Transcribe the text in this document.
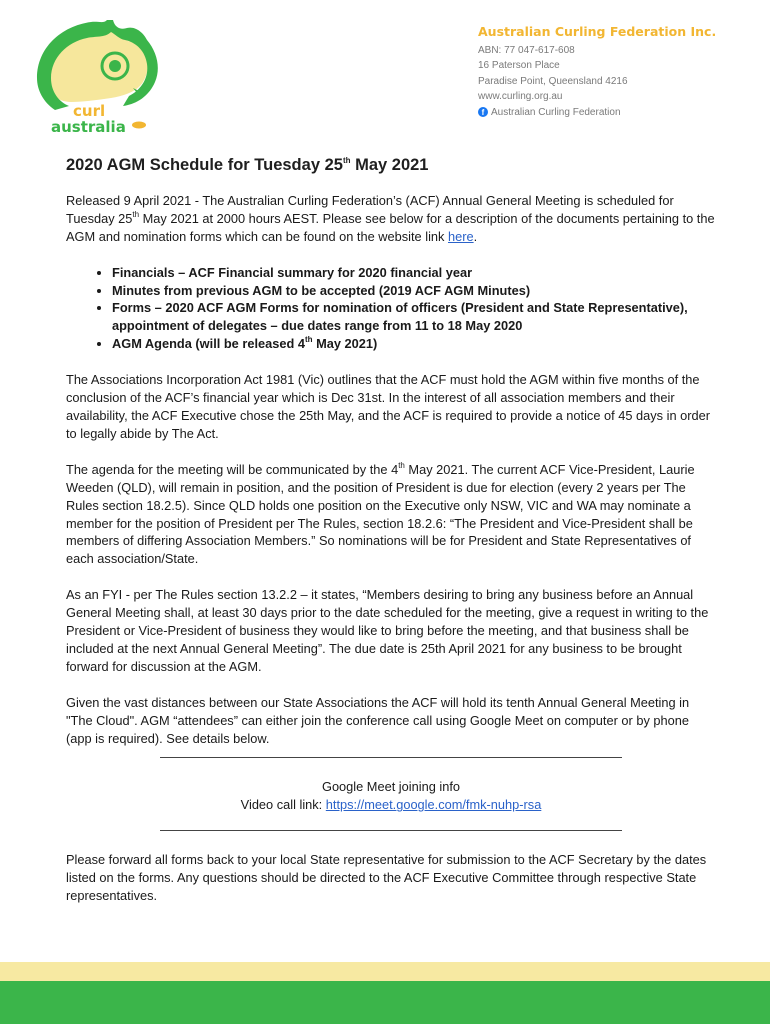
curl
australia
Australian Curling Federation Inc.
ABN: 77 047-617-608
16 Paterson Place
Paradise Point, Queensland 4216
www.curling.org.au
f Australian Curling Federation
2020 AGM Schedule for Tuesday 25th May 2021

Released 9 April 2021 - The Australian Curling Federation’s (ACF) Annual General Meeting is scheduled for Tuesday 25th May 2021 at 2000 hours AEST. Please see below for a description of the documents pertaining to the AGM and nomination forms which can be found on the website link here.

• Financials – ACF Financial summary for 2020 financial year
• Minutes from previous AGM to be accepted (2019 ACF AGM Minutes)
• Forms – 2020 ACF AGM Forms for nomination of officers (President and State Representative), appointment of delegates – due dates range from 11 to 18 May 2020
• AGM Agenda (will be released 4th May 2021)

The Associations Incorporation Act 1981 (Vic) outlines that the ACF must hold the AGM within five months of the conclusion of the ACF’s financial year which is Dec 31st. In the interest of all association members and their availability, the ACF Executive chose the 25th May, and the ACF is required to provide a notice of 45 days in order to legally abide by The Act.

The agenda for the meeting will be communicated by the 4th May 2021. The current ACF Vice-President, Laurie Weeden (QLD), will remain in position, and the position of President is due for election (every 2 years per The Rules section 18.2.5). Since QLD holds one position on the Executive only NSW, VIC and WA may nominate a member for the position of President per The Rules, section 18.2.6: “The President and Vice-President shall be members of differing Association Members.” So nominations will be for President and State Representatives of each association/State.

As an FYI - per The Rules section 13.2.2 – it states, “Members desiring to bring any business before an Annual General Meeting shall, at least 30 days prior to the date scheduled for the meeting, give a request in writing to the President or Vice-President of business they would like to bring before the meeting, and that business shall be included at the next Annual General Meeting”. The due date is 25th April 2021 for any business to be brought forward for discussion at the AGM.

Given the vast distances between our State Associations the ACF will hold its tenth Annual General Meeting in "The Cloud". AGM “attendees” can either join the conference call using Google Meet on computer or by phone (app is required). See details below.

Google Meet joining info
Video call link: https://meet.google.com/fmk-nuhp-rsa

Please forward all forms back to your local State representative for submission to the ACF Secretary by the dates listed on the forms. Any questions should be directed to the ACF Executive Committee through respective State representatives.
